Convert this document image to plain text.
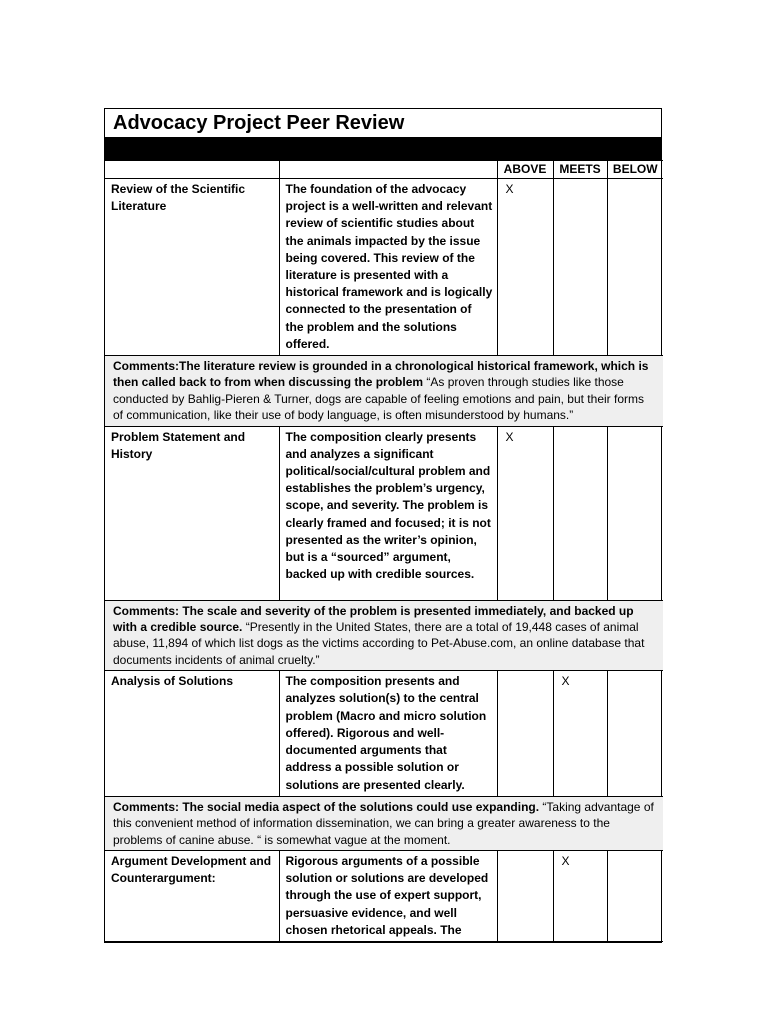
Advocacy Project Peer Review
Rhetoric and Argument
		ABOVE	MEETS	BELOW
Review of the Scientific Literature	The foundation of the advocacy project is a well-written and relevant review of scientific studies about the animals impacted by the issue being covered. This review of the literature is presented with a historical framework and is logically connected to the presentation of the problem and the solutions offered.	X		
Comments:The literature review is grounded in a chronological historical framework, which is then called back to from when discussing the problem “As proven through studies like those conducted by Bahlig-Pieren & Turner, dogs are capable of feeling emotions and pain, but their forms of communication, like their use of body language, is often misunderstood by humans.”				
Problem Statement and History	The composition clearly presents and analyzes a significant political/social/cultural problem and establishes the problem’s urgency, scope, and severity. The problem is clearly framed and focused; it is not presented as the writer’s opinion, but is a “sourced” argument, backed up with credible sources.	X		
Comments: The scale and severity of the problem is presented immediately, and backed up with a credible source. “Presently in the United States, there are a total of 19,448 cases of animal abuse, 11,894 of which list dogs as the victims according to Pet-Abuse.com, an online database that documents incidents of animal cruelty.”				
Analysis of Solutions	The composition presents and analyzes solution(s) to the central problem (Macro and micro solution offered). Rigorous and well-documented arguments that address a possible solution or solutions are presented clearly.		X	
Comments: The social media aspect of the solutions could use expanding. “Taking advantage of this convenient method of information dissemination, we can bring a greater awareness to the problems of canine abuse. “ is somewhat vague at the moment.				
Argument Development and Counterargument:	Rigorous arguments of a possible solution or solutions are developed through the use of expert support, persuasive evidence, and well chosen rhetorical appeals. The		X	
